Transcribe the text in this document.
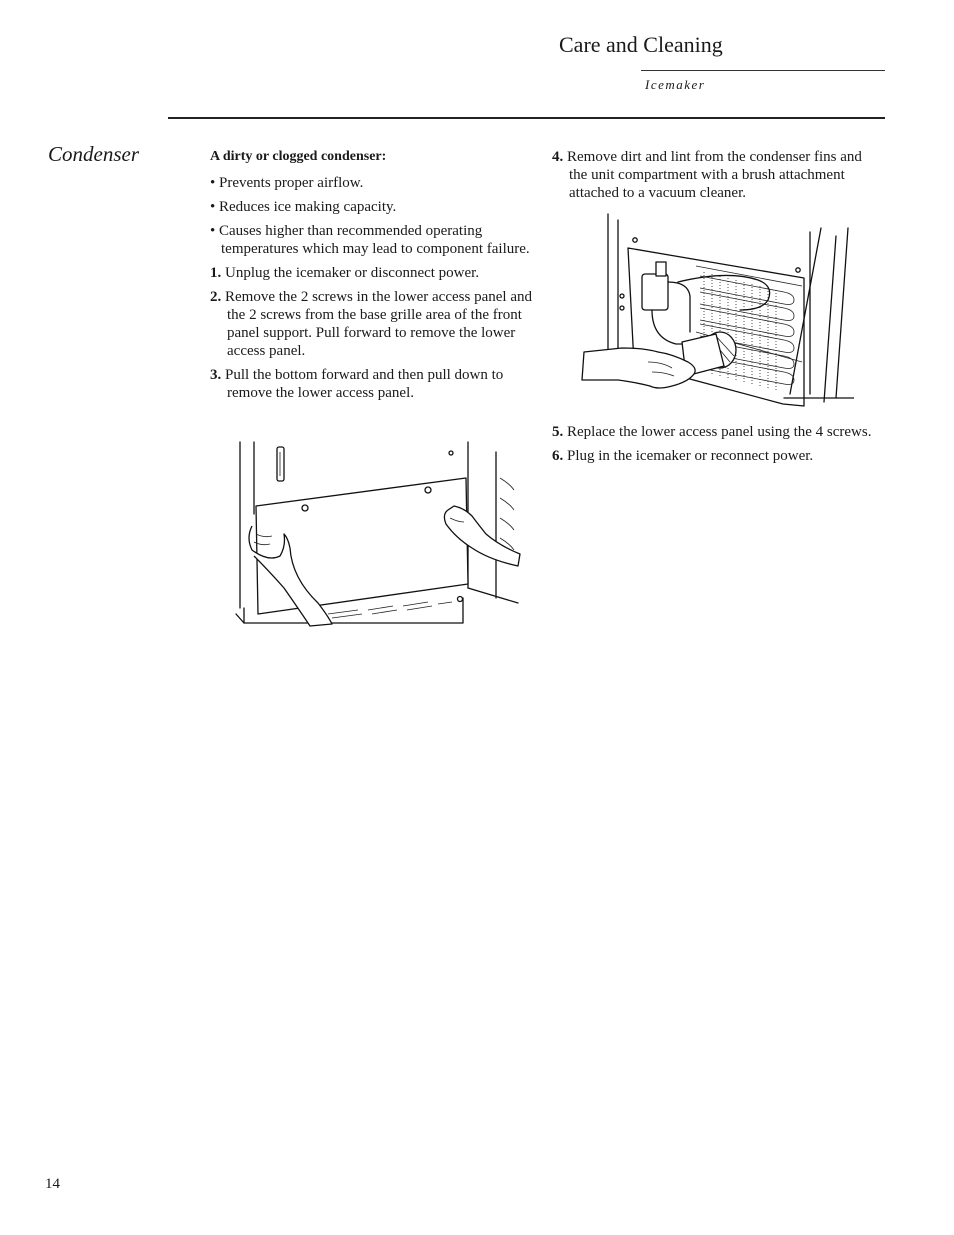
Care and Cleaning
Icemaker
Condenser	A dirty or clogged condenser:

• Prevents proper airflow.

• Reduces ice making capacity.

• Causes higher than recommended operating temperatures which may lead to component failure.

1. Unplug the icemaker or disconnect power.

2. Remove the 2 screws in the lower access panel and the 2 screws from the base grille area of the front panel support. Pull forward to remove the lower access panel.

3. Pull the bottom forward and then pull down to remove the lower access panel.

4. Remove dirt and lint from the condenser fins and the unit compartment with a brush attachment attached to a vacuum cleaner.

5. Replace the lower access panel using the 4 screws.

6. Plug in the icemaker or reconnect power.

14
